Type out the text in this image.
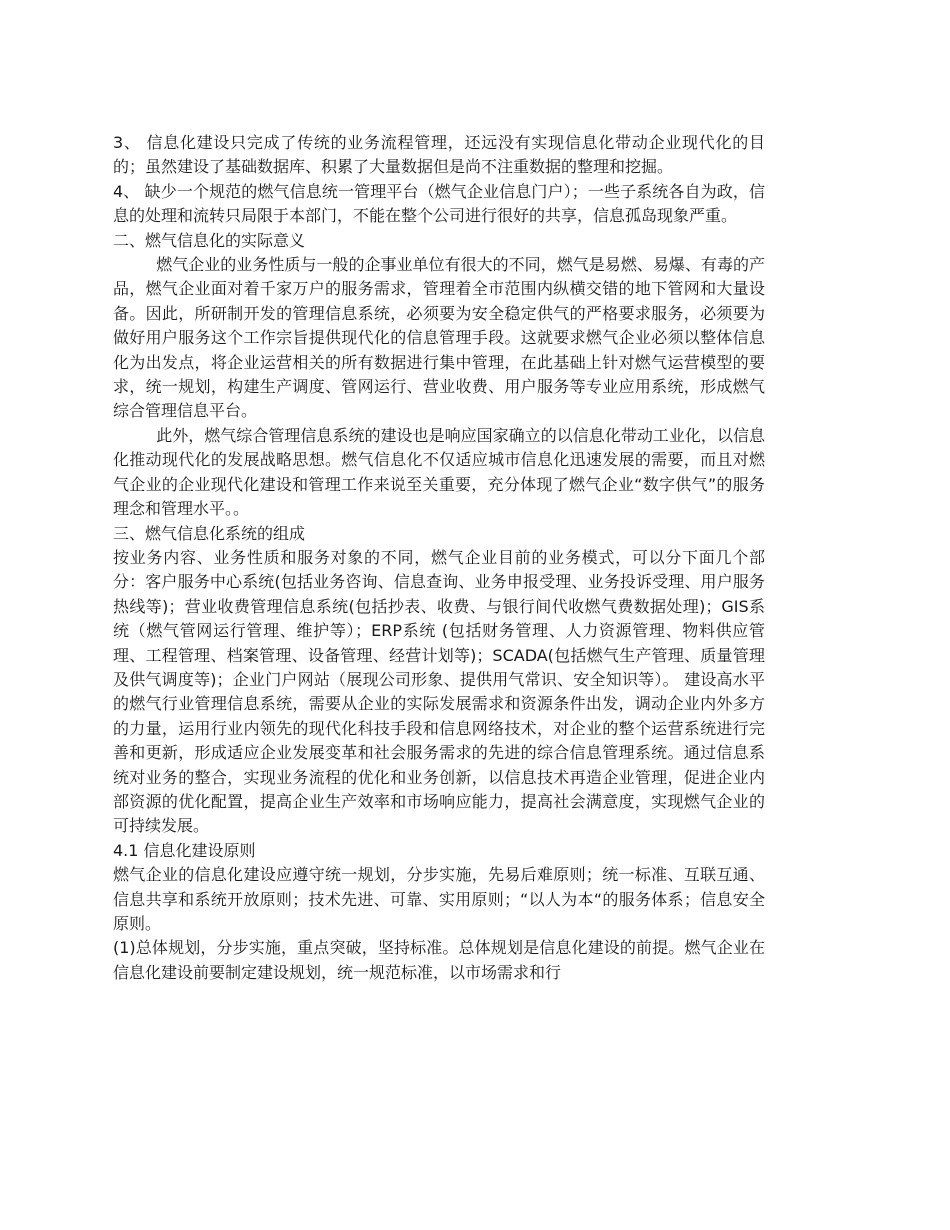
3、 信息化建设只完成了传统的业务流程管理，还远没有实现信息化带动企业现代化的目的；虽然建设了基础数据库、积累了大量数据但是尚不注重数据的整理和挖掘。

4、 缺少一个规范的燃气信息统一管理平台（燃气企业信息门户）；一些子系统各自为政，信息的处理和流转只局限于本部门，不能在整个公司进行很好的共享，信息孤岛现象严重。

二、燃气信息化的实际意义

燃气企业的业务性质与一般的企事业单位有很大的不同，燃气是易燃、易爆、有毒的产品，燃气企业面对着千家万户的服务需求，管理着全市范围内纵横交错的地下管网和大量设备。因此，所研制开发的管理信息系统，必须要为安全稳定供气的严格要求服务，必须要为做好用户服务这个工作宗旨提供现代化的信息管理手段。这就要求燃气企业必须以整体信息化为出发点，将企业运营相关的所有数据进行集中管理，在此基础上针对燃气运营模型的要求，统一规划，构建生产调度、管网运行、营业收费、用户服务等专业应用系统，形成燃气综合管理信息平台。

此外，燃气综合管理信息系统的建设也是响应国家确立的以信息化带动工业化，以信息化推动现代化的发展战略思想。燃气信息化不仅适应城市信息化迅速发展的需要，而且对燃气企业的企业现代化建设和管理工作来说至关重要，充分体现了燃气企业“数字供气”的服务理念和管理水平。。

三、燃气信息化系统的组成

按业务内容、业务性质和服务对象的不同，燃气企业目前的业务模式，可以分下面几个部分：客户服务中心系统(包括业务咨询、信息查询、业务申报受理、业务投诉受理、用户服务热线等)；营业收费管理信息系统(包括抄表、收费、与银行间代收燃气费数据处理)；GIS系统（燃气管网运行管理、维护等）；ERP系统 (包括财务管理、人力资源管理、物料供应管理、工程管理、档案管理、设备管理、经营计划等)；SCADA(包括燃气生产管理、质量管理及供气调度等)；企业门户网站（展现公司形象、提供用气常识、安全知识等）。 建设高水平的燃气行业管理信息系统，需要从企业的实际发展需求和资源条件出发，调动企业内外多方的力量，运用行业内领先的现代化科技手段和信息网络技术，对企业的整个运营系统进行完善和更新，形成适应企业发展变革和社会服务需求的先进的综合信息管理系统。通过信息系统对业务的整合，实现业务流程的优化和业务创新，以信息技术再造企业管理，促进企业内部资源的优化配置，提高企业生产效率和市场响应能力，提高社会满意度，实现燃气企业的可持续发展。

4.1 信息化建设原则

燃气企业的信息化建设应遵守统一规划，分步实施，先易后难原则；统一标准、互联互通、信息共享和系统开放原则；技术先进、可靠、实用原则；“以人为本“的服务体系；信息安全原则。

(1)总体规划，分步实施，重点突破，坚持标准。总体规划是信息化建设的前提。燃气企业在信息化建设前要制定建设规划，统一规范标准，以市场需求和行
